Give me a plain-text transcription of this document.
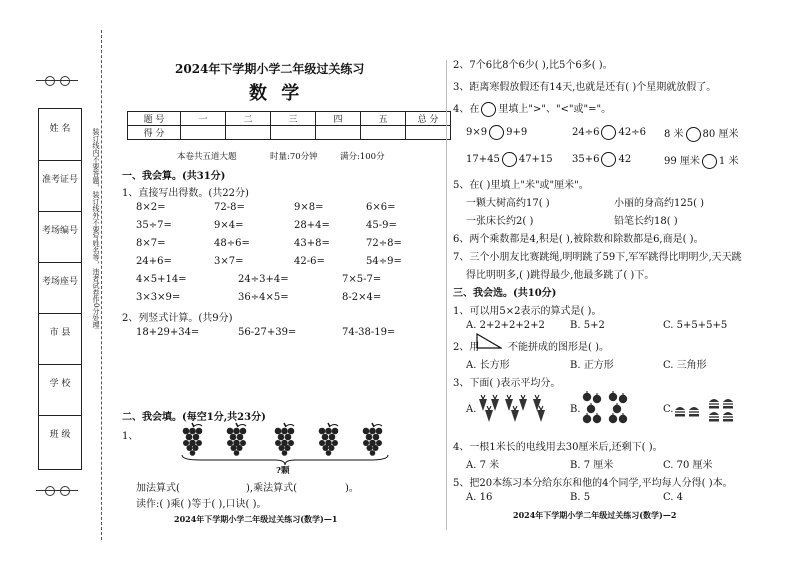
姓 名
准考证号
考场编号
考场座号
市 县
学 校
班 级
装订线内不要答题，装订线外不要写姓名等，违者试卷作0分处理
2024年下学期小学二年级过关练习
数 学
题 号	一	二	三	四	五	总 分
得 分						
本卷共五道大题	时量:70分钟	满分:100分
一、我会算。(共31分)
1、直接写出得数。(共22分)
8×2=	72-8=	9×8=	6×6=
35÷7=	9×4=	28+4=	45-9=
8×7=	48÷6=	43+8=	72÷8=
24+6=	3×7=	42-6=	54÷9=
4×5+14=	24÷3+4=	7×5-7=
3×3×9=	36÷4×5=	8-2×4=
2、列竖式计算。(共9分)
18+29+34=	56-27+39=	74-38-19=
二、我会填。(每空1分,共23分)
1、
?颗
加法算式(	),乘法算式(	)。
读作:( )乘( )等于( ),口诀( )。
2024年下学期小学二年级过关练习(数学)—1
2、7个6比8个6少( ),比5个6多( )。
3、距离寒假放假还有14天,也就是还有( )个星期就放假了。
4、在 里填上">"、"<"或"="。
9×9 9+9	24÷6 42÷6 8 米 80 厘米
17+45 47+15 35+6 42	99 厘米 1 米
5、在( )里填上"米"或"厘米"。
一颗大树高约17( )	小丽的身高约125( )
一张床长约2( )	铅笔长约18( )
6、两个乘数都是4,积是( ),被除数和除数都是6,商是( )。
7、三个小朋友比赛跳绳,明明跳了59下,军军跳得比明明少,天天跳
得比明明多,( )跳得最少,他最多跳了( )下。
三、我会选。(共10分)
1、可以用5×2表示的算式是( )。
A. 2+2+2+2+2	B. 5+2	C. 5+5+5+5
2、用	不能拼成的图形是( )。
A. 长方形	B. 正方形	C. 三角形
3、下面( )表示平均分。
A.	B.	C.
4、一根1米长的电线用去30厘米后,还剩下( )。
A. 7 米	B. 7 厘米	C. 70 厘米
5、把20本练习本分给东东和他的4个同学,平均每人分得( )本。
A. 16	B. 5	C. 4
2024年下学期小学二年级过关练习(数学)—2
